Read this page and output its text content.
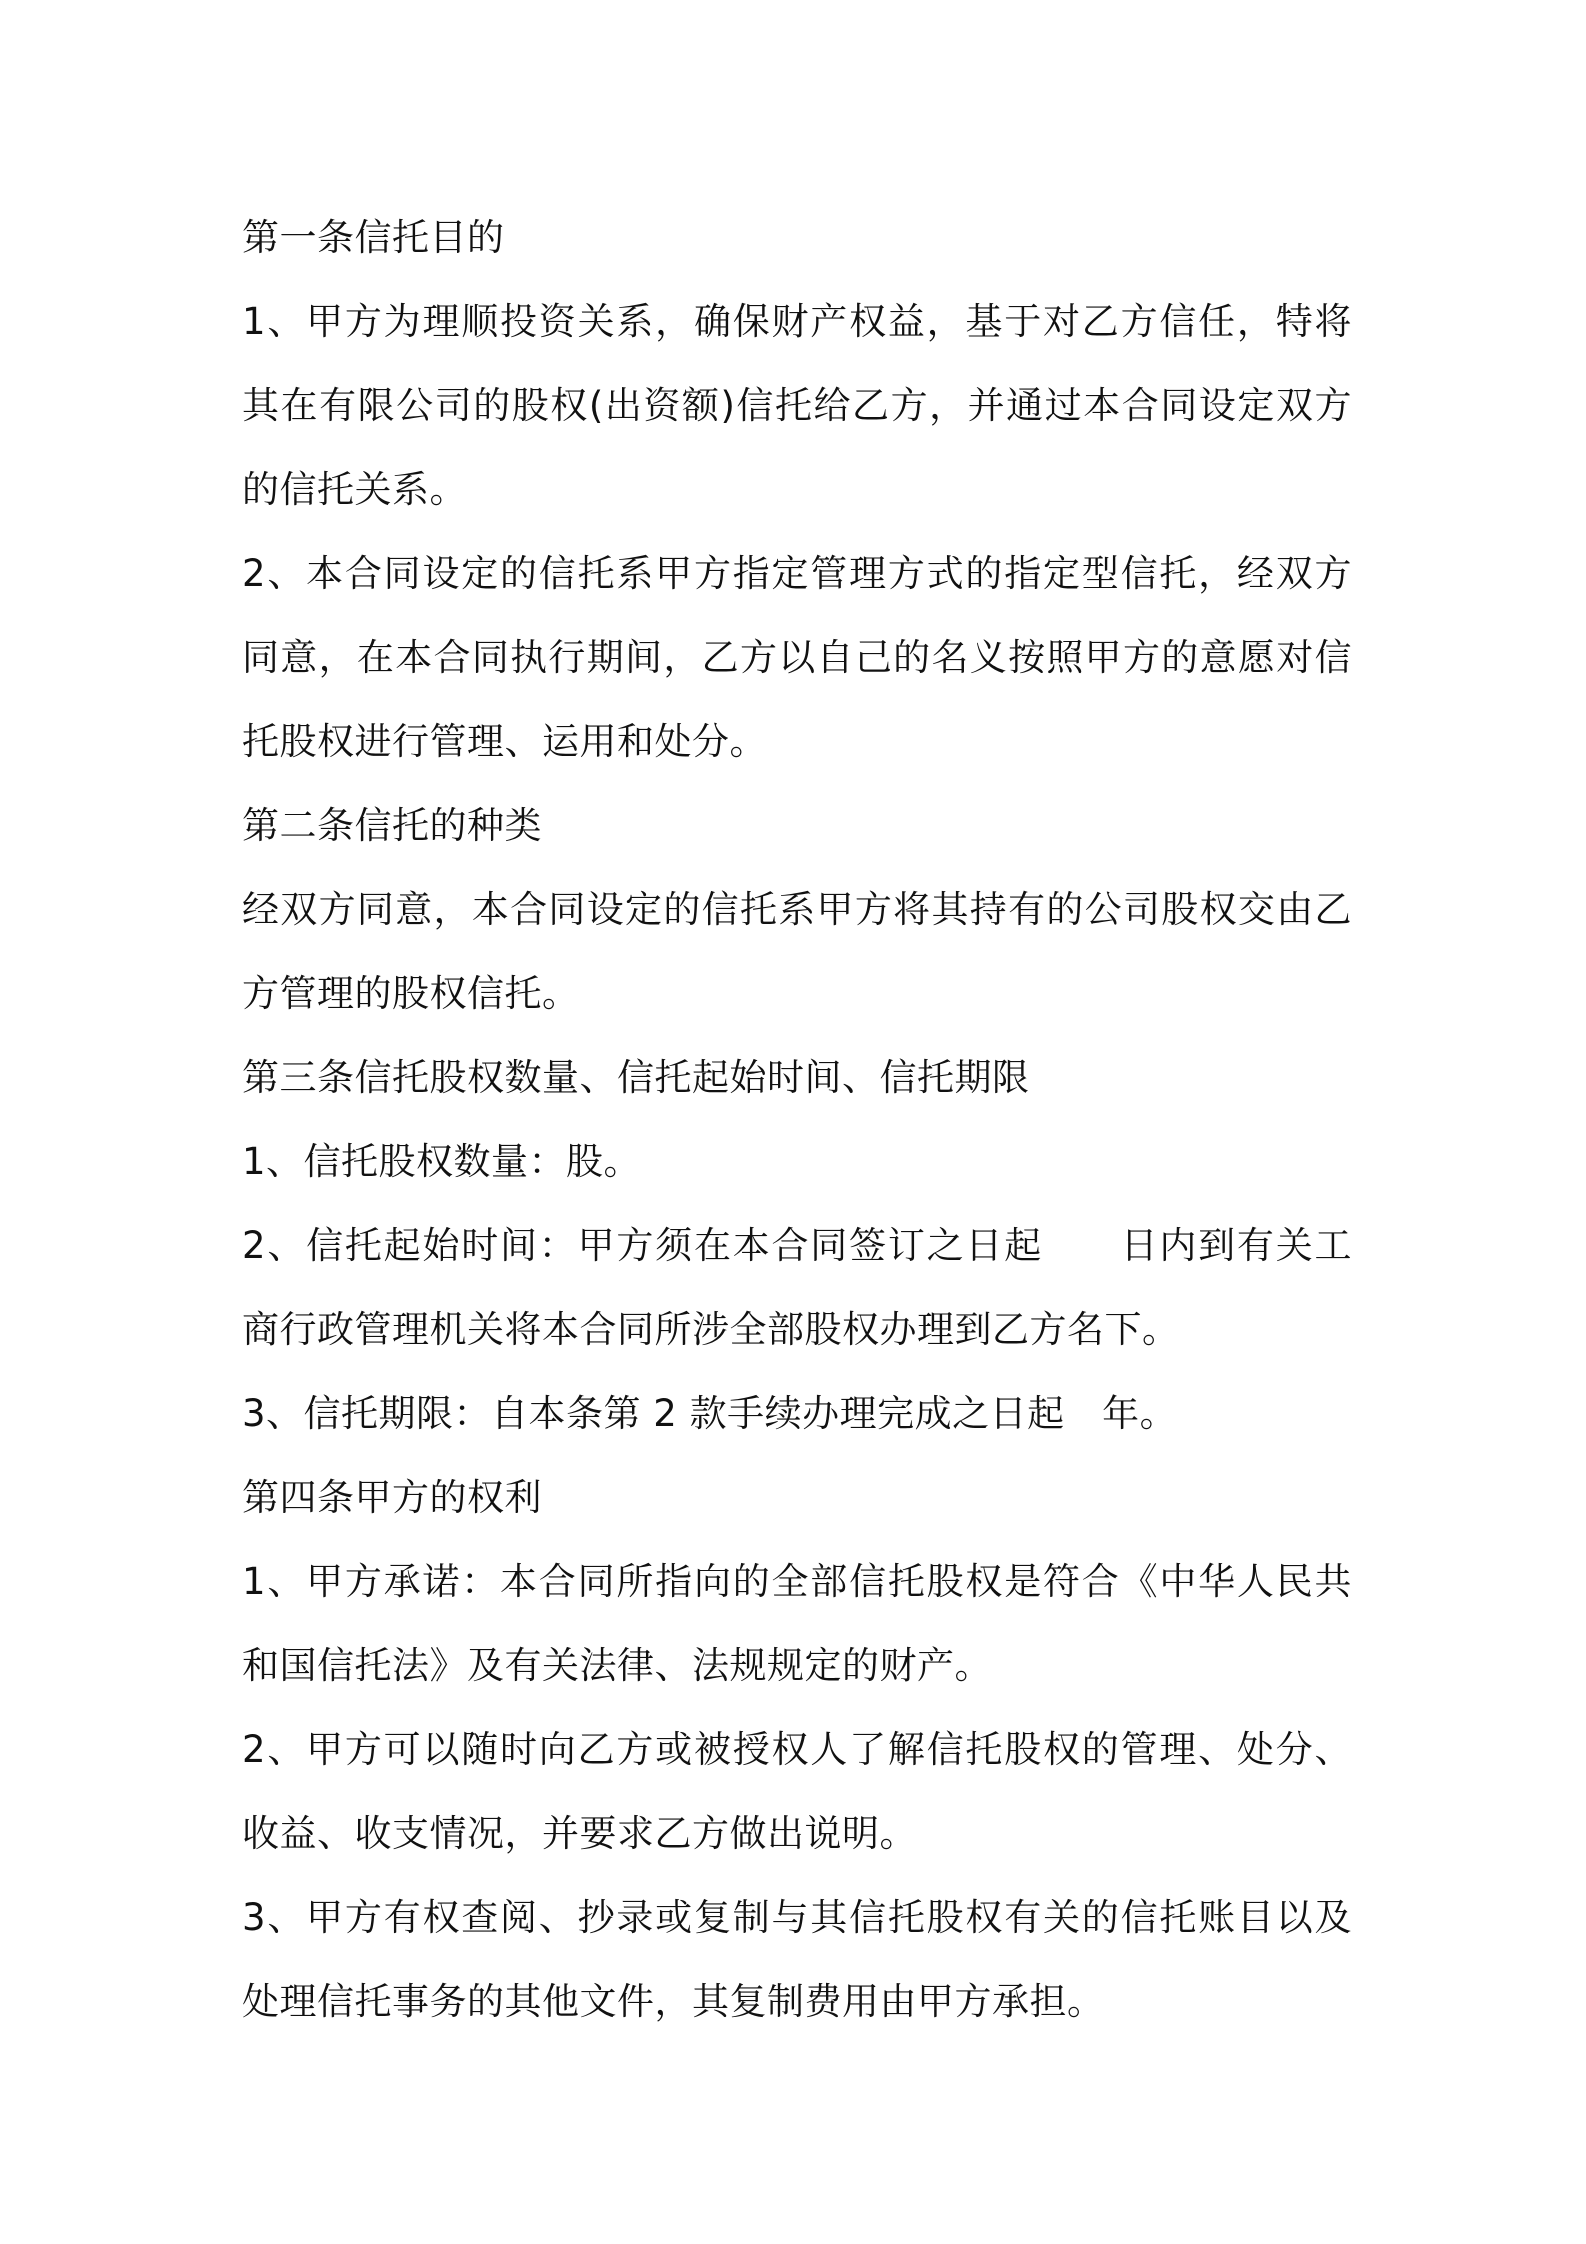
第一条信托目的

1、甲方为理顺投资关系，确保财产权益，基于对乙方信任，特将其在有限公司的股权(出资额)信托给乙方，并通过本合同设定双方的信托关系。

2、本合同设定的信托系甲方指定管理方式的指定型信托，经双方同意，在本合同执行期间，乙方以自己的名义按照甲方的意愿对信托股权进行管理、运用和处分。

第二条信托的种类

经双方同意，本合同设定的信托系甲方将其持有的公司股权交由乙方管理的股权信托。

第三条信托股权数量、信托起始时间、信托期限

1、信托股权数量：股。

2、信托起始时间：甲方须在本合同签订之日起　　日内到有关工商行政管理机关将本合同所涉全部股权办理到乙方名下。

3、信托期限：自本条第 2 款手续办理完成之日起　年。

第四条甲方的权利

1、甲方承诺：本合同所指向的全部信托股权是符合《中华人民共和国信托法》及有关法律、法规规定的财产。

2、甲方可以随时向乙方或被授权人了解信托股权的管理、处分、收益、收支情况，并要求乙方做出说明。

3、甲方有权查阅、抄录或复制与其信托股权有关的信托账目以及处理信托事务的其他文件，其复制费用由甲方承担。
